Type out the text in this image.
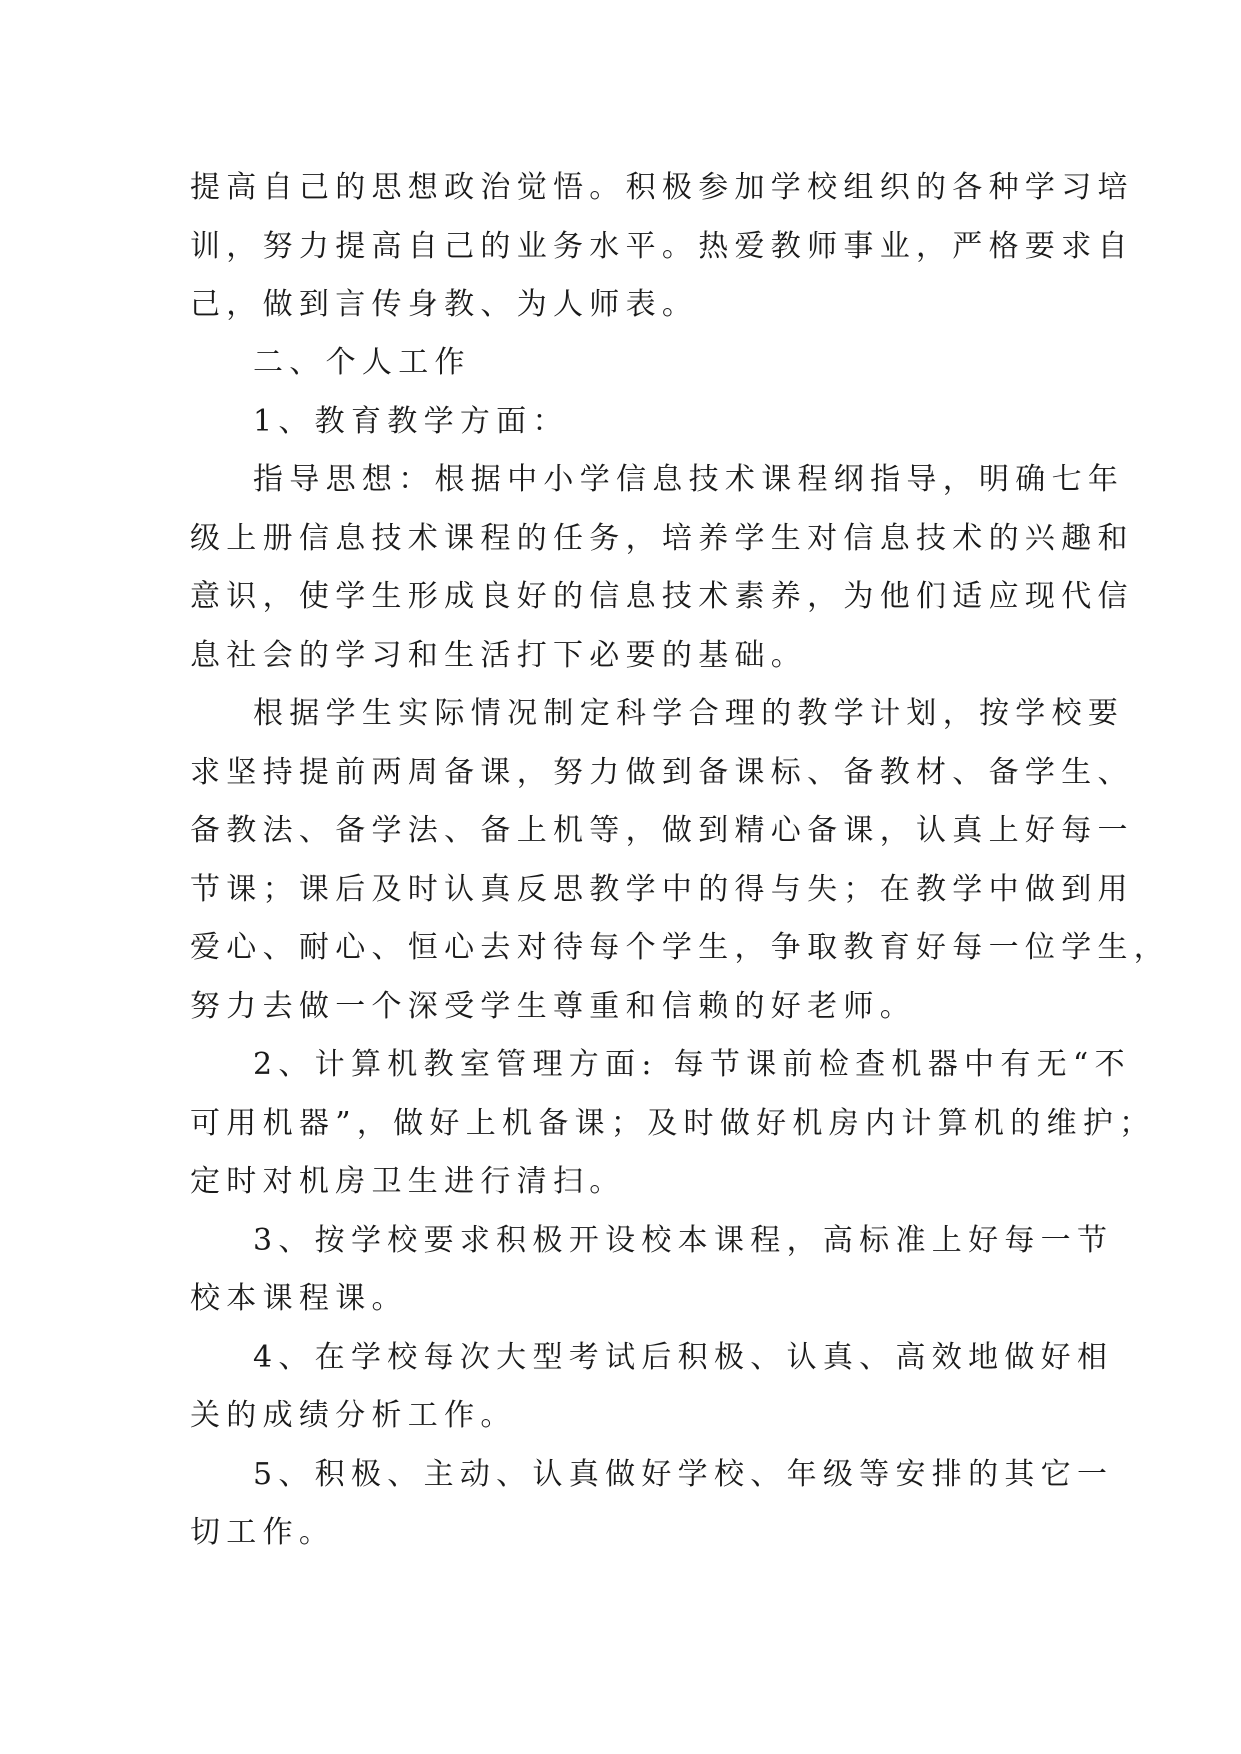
提高自己的思想政治觉悟。积极参加学校组织的各种学习培
训，努力提高自己的业务水平。热爱教师事业，严格要求自
己，做到言传身教、为人师表。
二、个人工作
1、教育教学方面：
指导思想：根据中小学信息技术课程纲指导，明确七年
级上册信息技术课程的任务，培养学生对信息技术的兴趣和
意识，使学生形成良好的信息技术素养，为他们适应现代信
息社会的学习和生活打下必要的基础。
根据学生实际情况制定科学合理的教学计划，按学校要
求坚持提前两周备课，努力做到备课标、备教材、备学生、
备教法、备学法、备上机等，做到精心备课，认真上好每一
节课；课后及时认真反思教学中的得与失；在教学中做到用
爱心、耐心、恒心去对待每个学生，争取教育好每一位学生，
努力去做一个深受学生尊重和信赖的好老师。
2、计算机教室管理方面: 每节课前检查机器中有无“不
可用机器”，做好上机备课；及时做好机房内计算机的维护；
定时对机房卫生进行清扫。
3、按学校要求积极开设校本课程，高标准上好每一节
校本课程课。
4、在学校每次大型考试后积极、认真、高效地做好相
关的成绩分析工作。
5、积极、主动、认真做好学校、年级等安排的其它一
切工作。
